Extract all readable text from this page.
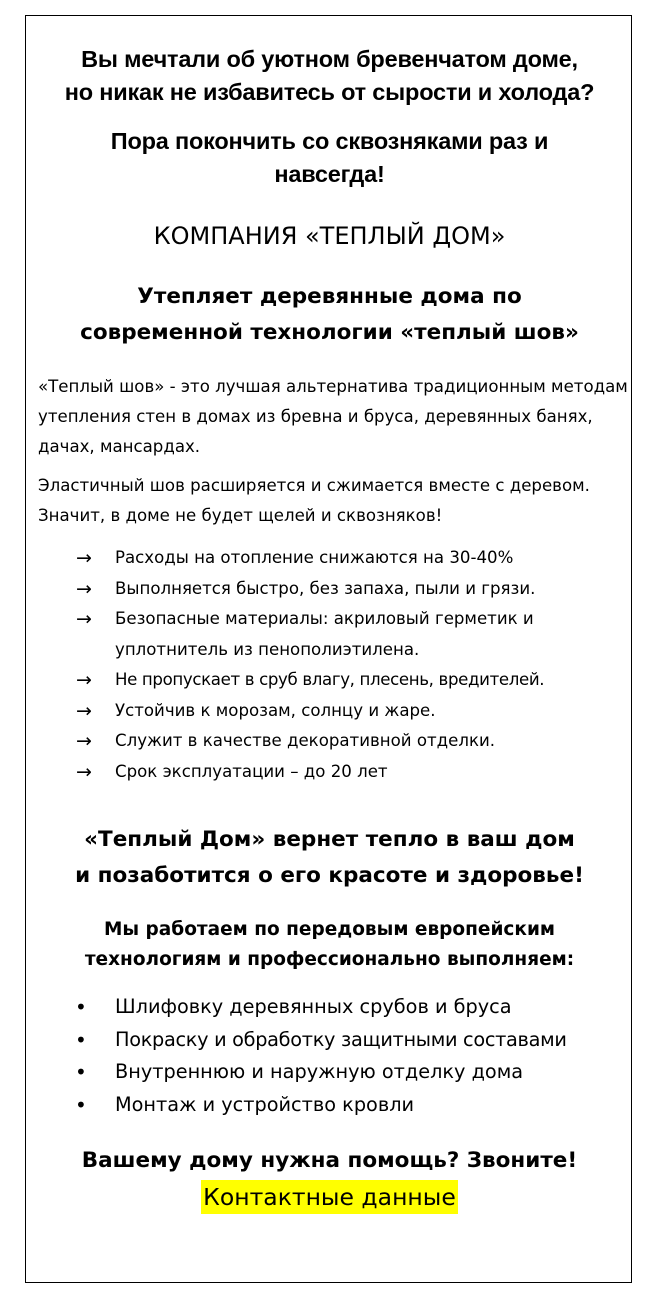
Вы мечтали об уютном бревенчатом доме,
но никак не избавитесь от сырости и холода?
Пора покончить со сквозняками раз и
навсегда!
КОМПАНИЯ «ТЕПЛЫЙ ДОМ»
Утепляет деревянные дома по
современной технологии «теплый шов»
«Теплый шов» - это лучшая альтернатива традиционным методам утепления стен в домах из бревна и бруса, деревянных банях, дачах, мансардах.
Эластичный шов расширяется и сжимается вместе с деревом. Значит, в доме не будет щелей и сквозняков!
→ Расходы на отопление снижаются на 30-40%
→ Выполняется быстро, без запаха, пыли и грязи.
→ Безопасные материалы: акриловый герметик и уплотнитель из пенополиэтилена.
→ Не пропускает в сруб влагу, плесень, вредителей.
→ Устойчив к морозам, солнцу и жаре.
→ Служит в качестве декоративной отделки.
→ Срок эксплуатации – до 20 лет
«Теплый Дом» вернет тепло в ваш дом
и позаботится о его красоте и здоровье!
Мы работаем по передовым европейским
технологиям и профессионально выполняем:
• Шлифовку деревянных срубов и бруса
• Покраску и обработку защитными составами
• Внутреннюю и наружную отделку дома
• Монтаж и устройство кровли
Вашему дому нужна помощь? Звоните!
Контактные данные
